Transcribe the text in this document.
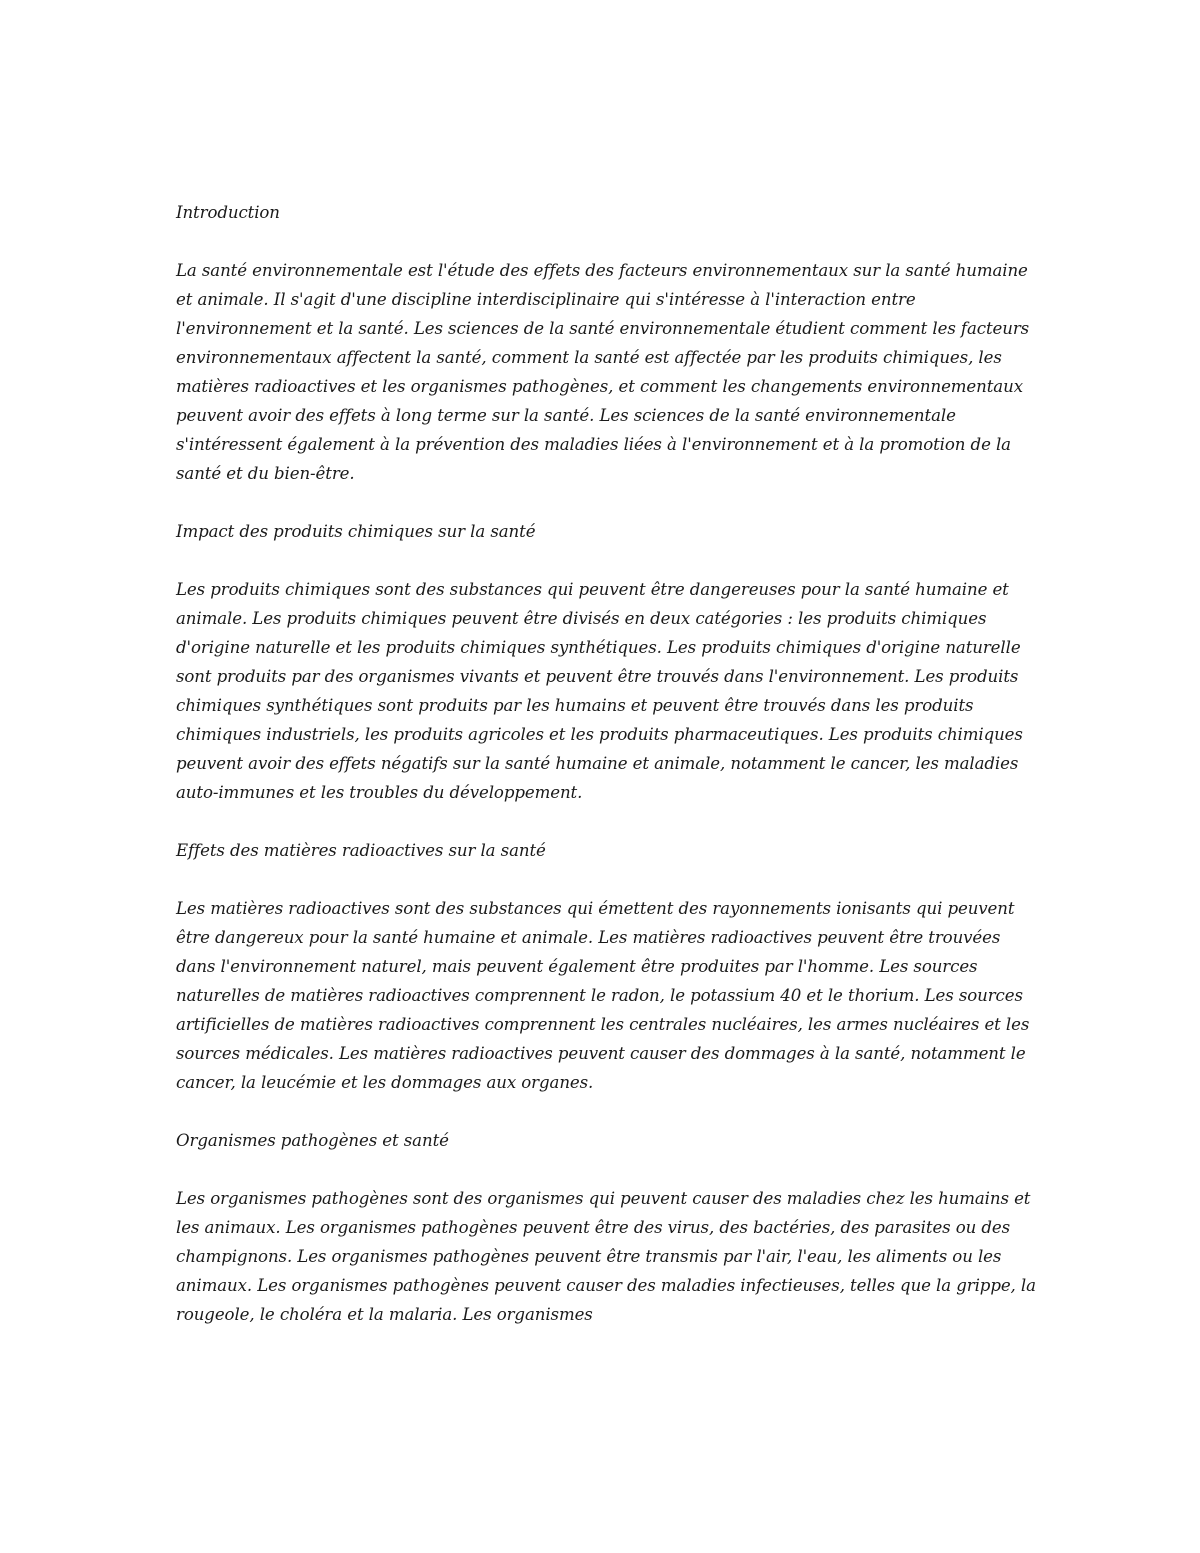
Introduction

La santé environnementale est l'étude des effets des facteurs environnementaux sur la santé humaine et animale. Il s'agit d'une discipline interdisciplinaire qui s'intéresse à l'interaction entre l'environnement et la santé. Les sciences de la santé environnementale étudient comment les facteurs environnementaux affectent la santé, comment la santé est affectée par les produits chimiques, les matières radioactives et les organismes pathogènes, et comment les changements environnementaux peuvent avoir des effets à long terme sur la santé. Les sciences de la santé environnementale s'intéressent également à la prévention des maladies liées à l'environnement et à la promotion de la santé et du bien-être.

Impact des produits chimiques sur la santé

Les produits chimiques sont des substances qui peuvent être dangereuses pour la santé humaine et animale. Les produits chimiques peuvent être divisés en deux catégories : les produits chimiques d'origine naturelle et les produits chimiques synthétiques. Les produits chimiques d'origine naturelle sont produits par des organismes vivants et peuvent être trouvés dans l'environnement. Les produits chimiques synthétiques sont produits par les humains et peuvent être trouvés dans les produits chimiques industriels, les produits agricoles et les produits pharmaceutiques. Les produits chimiques peuvent avoir des effets négatifs sur la santé humaine et animale, notamment le cancer, les maladies auto-immunes et les troubles du développement.

Effets des matières radioactives sur la santé

Les matières radioactives sont des substances qui émettent des rayonnements ionisants qui peuvent être dangereux pour la santé humaine et animale. Les matières radioactives peuvent être trouvées dans l'environnement naturel, mais peuvent également être produites par l'homme. Les sources naturelles de matières radioactives comprennent le radon, le potassium 40 et le thorium. Les sources artificielles de matières radioactives comprennent les centrales nucléaires, les armes nucléaires et les sources médicales. Les matières radioactives peuvent causer des dommages à la santé, notamment le cancer, la leucémie et les dommages aux organes.

Organismes pathogènes et santé

Les organismes pathogènes sont des organismes qui peuvent causer des maladies chez les humains et les animaux. Les organismes pathogènes peuvent être des virus, des bactéries, des parasites ou des champignons. Les organismes pathogènes peuvent être transmis par l'air, l'eau, les aliments ou les animaux. Les organismes pathogènes peuvent causer des maladies infectieuses, telles que la grippe, la rougeole, le choléra et la malaria. Les organismes
